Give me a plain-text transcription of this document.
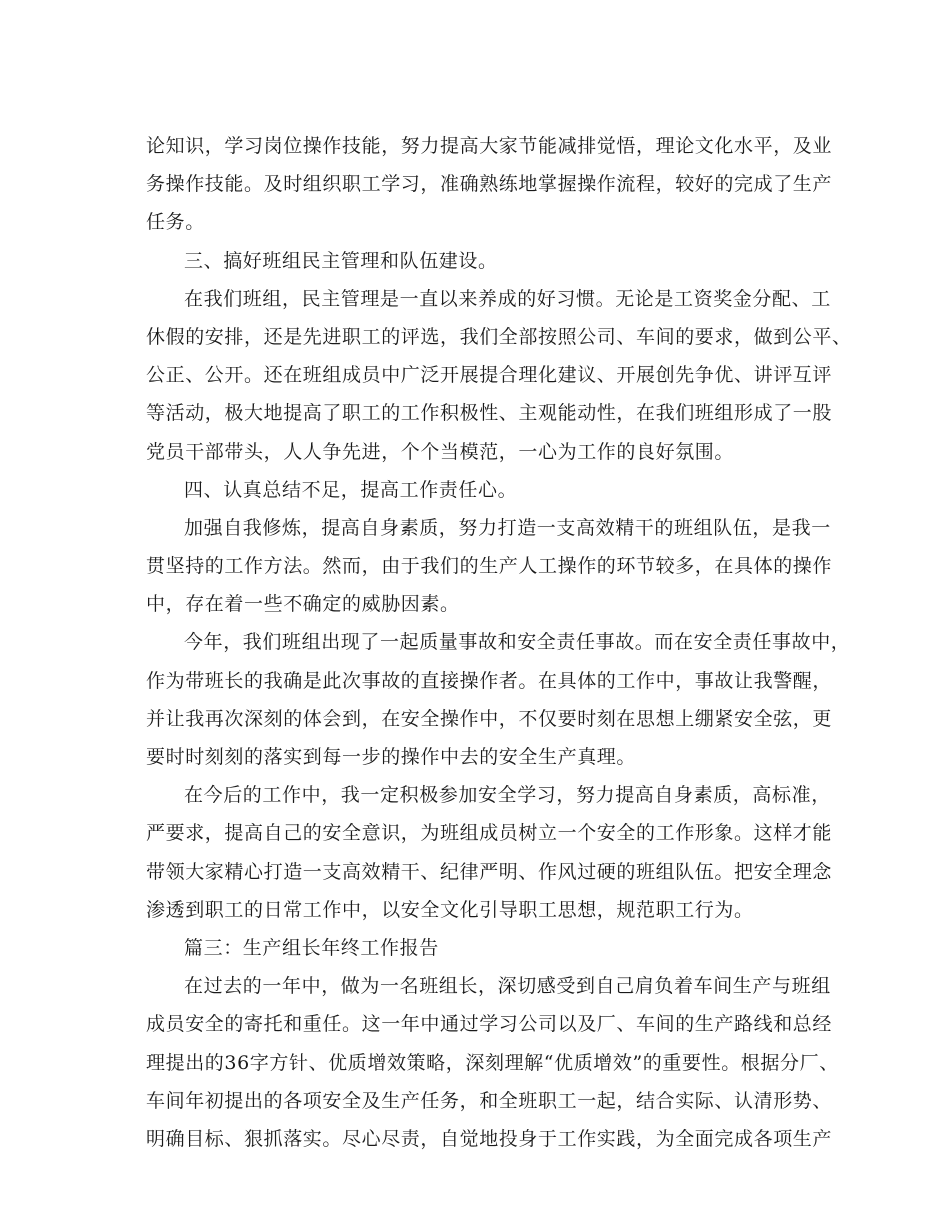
论知识，学习岗位操作技能，努力提高大家节能减排觉悟，理论文化水平，及业
务操作技能。及时组织职工学习，准确熟练地掌握操作流程，较好的完成了生产
任务。
三、搞好班组民主管理和队伍建设。
在我们班组，民主管理是一直以来养成的好习惯。无论是工资奖金分配、工
休假的安排，还是先进职工的评选，我们全部按照公司、车间的要求，做到公平、
公正、公开。还在班组成员中广泛开展提合理化建议、开展创先争优、讲评互评
等活动，极大地提高了职工的工作积极性、主观能动性，在我们班组形成了一股
党员干部带头，人人争先进，个个当模范，一心为工作的良好氛围。
四、认真总结不足，提高工作责任心。
加强自我修炼，提高自身素质，努力打造一支高效精干的班组队伍，是我一
贯坚持的工作方法。然而，由于我们的生产人工操作的环节较多，在具体的操作
中，存在着一些不确定的威胁因素。
今年，我们班组出现了一起质量事故和安全责任事故。而在安全责任事故中，
作为带班长的我确是此次事故的直接操作者。在具体的工作中，事故让我警醒，
并让我再次深刻的体会到，在安全操作中，不仅要时刻在思想上绷紧安全弦，更
要时时刻刻的落实到每一步的操作中去的安全生产真理。
在今后的工作中，我一定积极参加安全学习，努力提高自身素质，高标准，
严要求，提高自己的安全意识，为班组成员树立一个安全的工作形象。这样才能
带领大家精心打造一支高效精干、纪律严明、作风过硬的班组队伍。把安全理念
渗透到职工的日常工作中，以安全文化引导职工思想，规范职工行为。
篇三：生产组长年终工作报告
在过去的一年中，做为一名班组长，深切感受到自己肩负着车间生产与班组
成员安全的寄托和重任。这一年中通过学习公司以及厂、车间的生产路线和总经
理提出的36字方针、优质增效策略，深刻理解“优质增效”的重要性。根据分厂、
车间年初提出的各项安全及生产任务，和全班职工一起，结合实际、认清形势、
明确目标、狠抓落实。尽心尽责，自觉地投身于工作实践，为全面完成各项生产
